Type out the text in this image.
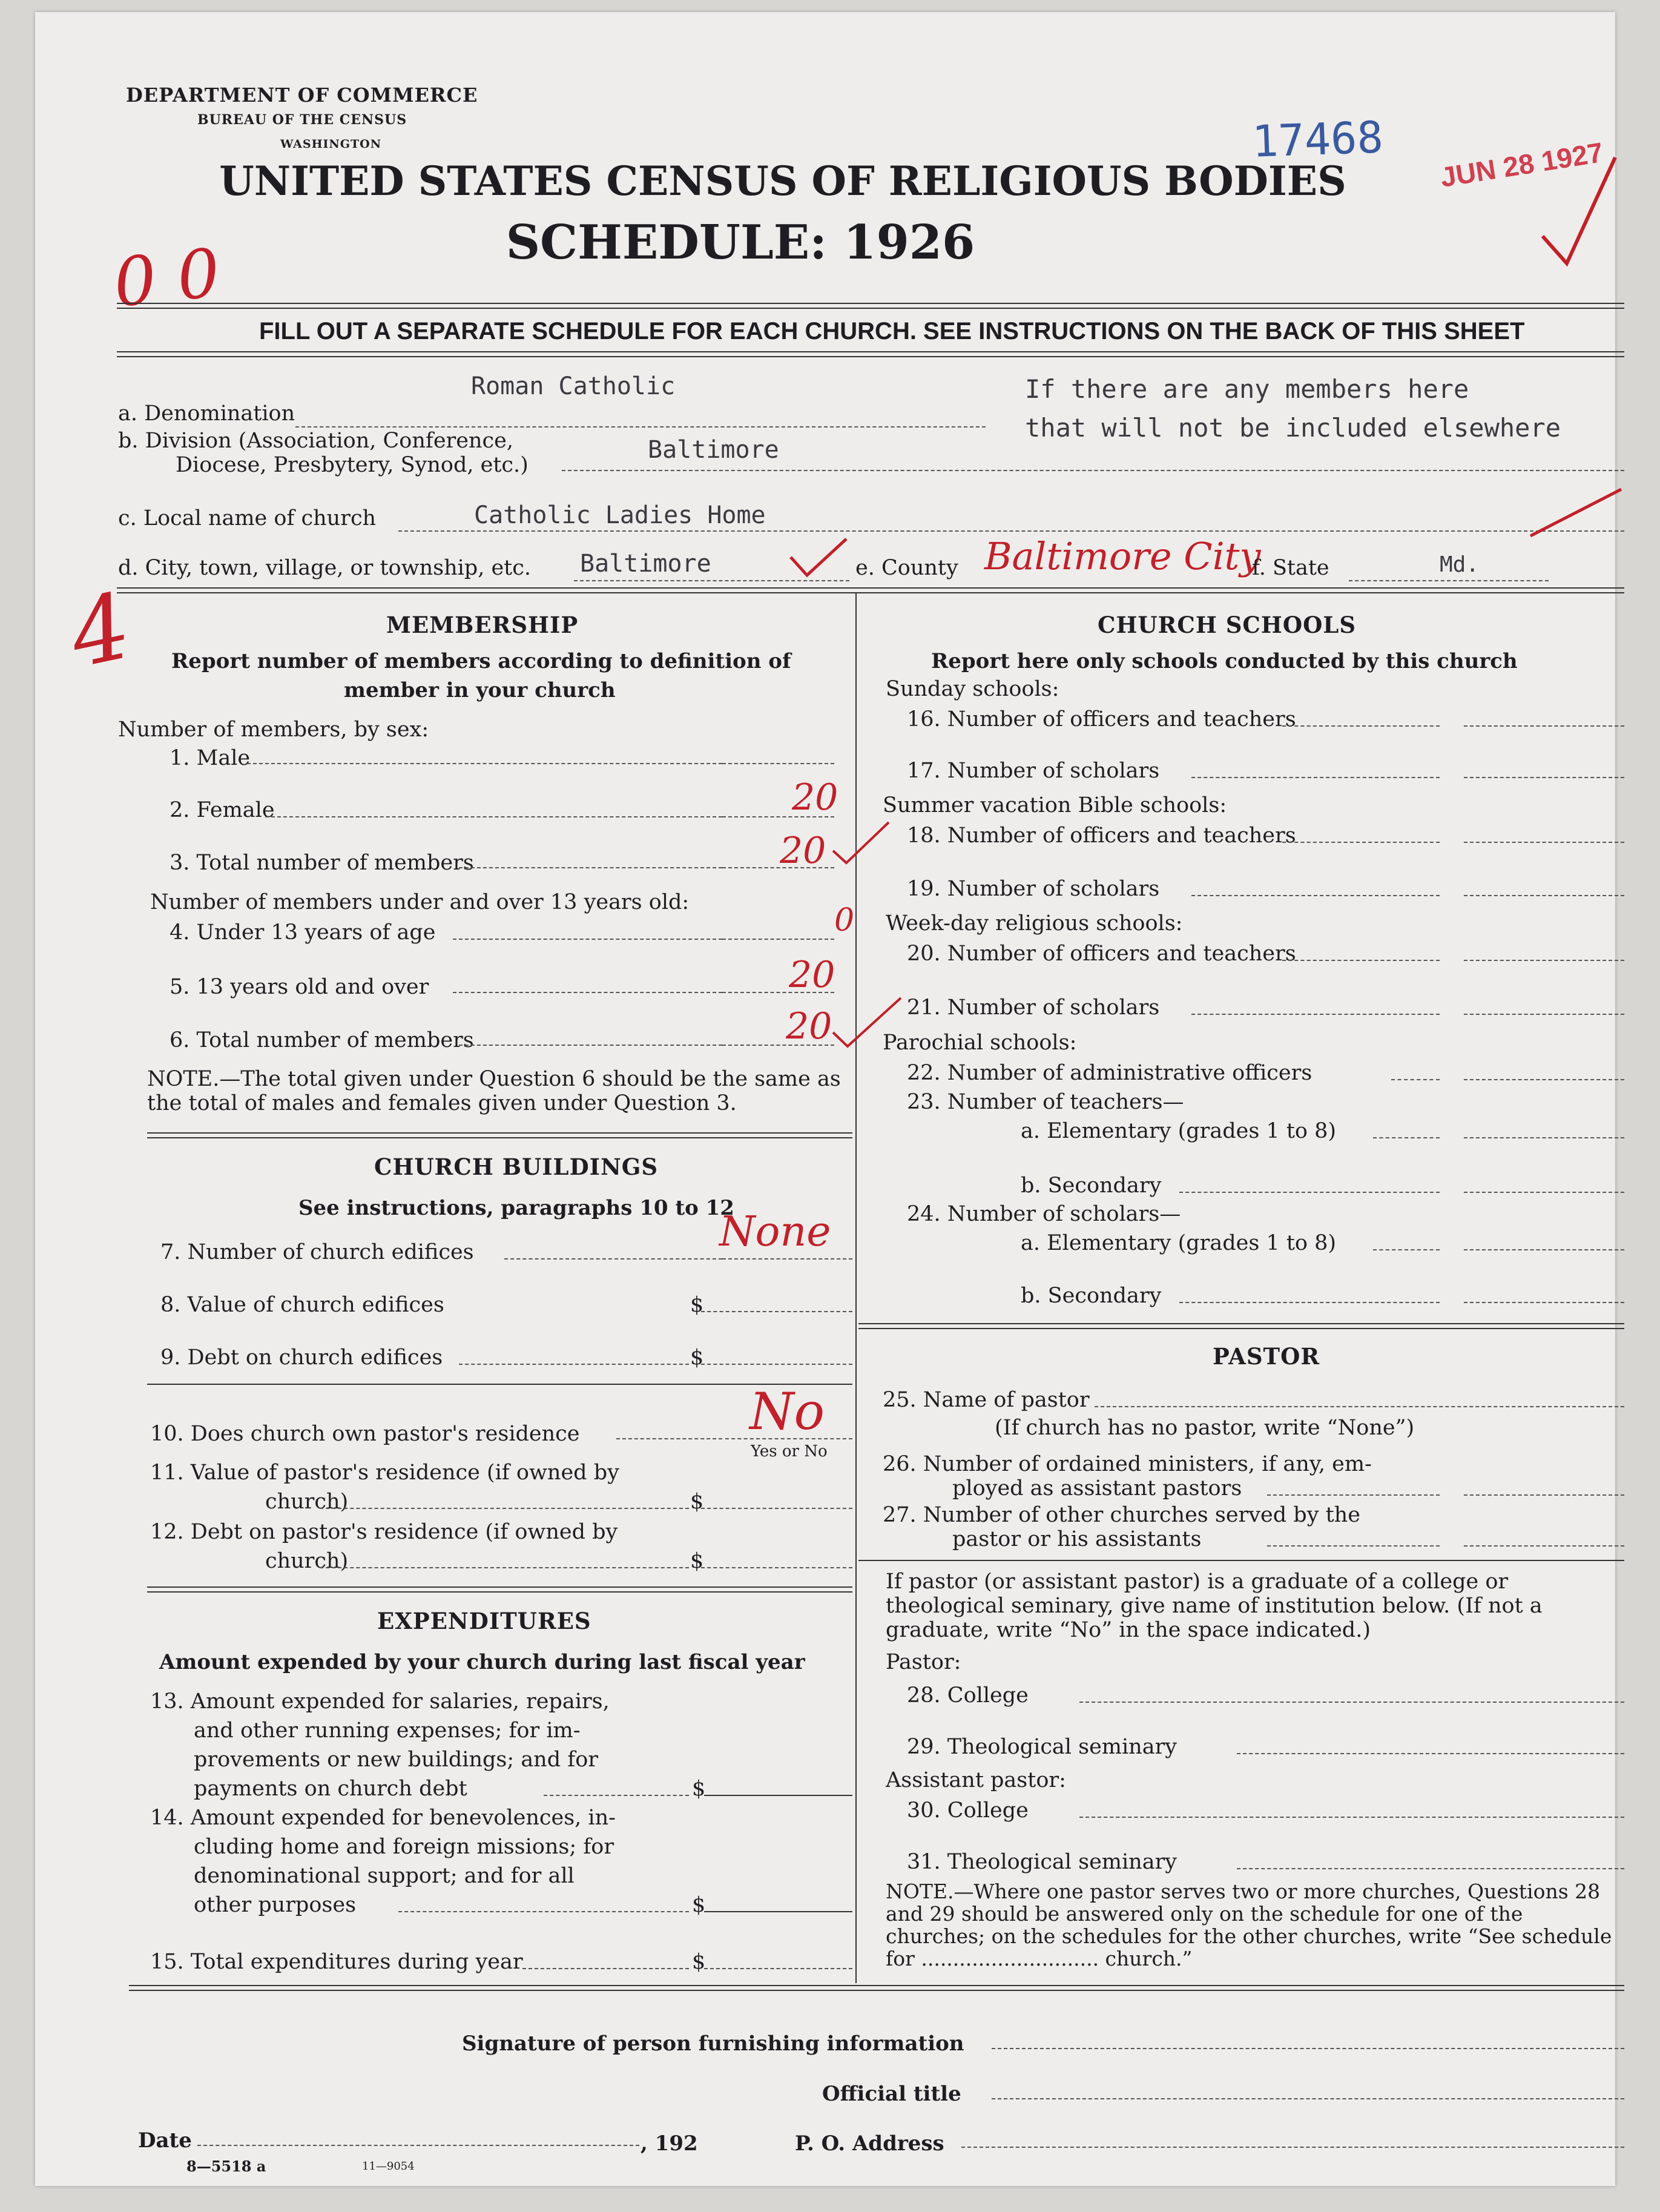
DEPARTMENT OF COMMERCE
BUREAU OF THE CENSUS
WASHINGTON
UNITED STATES CENSUS OF RELIGIOUS BODIES
SCHEDULE: 1926
17468 JUN 28 1927
0 0
FILL OUT A SEPARATE SCHEDULE FOR EACH CHURCH. SEE INSTRUCTIONS ON THE BACK OF THIS SHEET
Roman Catholic
a. Denomination
If there are any members here
that will not be included elsewhere
b. Division (Association, Conference,
Diocese, Presbytery, Synod, etc.)
Baltimore
Catholic Ladies Home
c. Local name of church
d. City, town, village, or township, etc. Baltimore	e. County Baltimore City
f. State	Md.
4	MEMBERSHIP
Report number of members according to definition of
member in your church
Number of members, by sex:
1. Male
2. Female	20
3. Total number of members	20
Number of members under and over 13 years old:
4. Under 13 years of age	0
5. 13 years old and over	20
6. Total number of members	20
NOTE.—The total given under Question 6 should be the same as the total of males and females given under Question 3.
CHURCH BUILDINGS
See instructions, paragraphs 10 to 12
7. Number of church edifices	None
8. Value of church edifices	$
9. Debt on church edifices	$
10. Does church own pastor's residence	No
Yes or No
11. Value of pastor's residence (if owned by
church)	$
12. Debt on pastor's residence (if owned by
church)	$
EXPENDITURES
Amount expended by your church during last fiscal year
13. Amount expended for salaries, repairs,
and other running expenses; for im-
provements or new buildings; and for
payments on church debt	$
14. Amount expended for benevolences, in-
cluding home and foreign missions; for
denominational support; and for all
other purposes	$
15. Total expenditures during year	$
CHURCH SCHOOLS
Report here only schools conducted by this church
Sunday schools:
16. Number of officers and teachers
17. Number of scholars
Summer vacation Bible schools:
18. Number of officers and teachers
19. Number of scholars
Week-day religious schools:
20. Number of officers and teachers
21. Number of scholars
Parochial schools:
22. Number of administrative officers
23. Number of teachers—
a. Elementary (grades 1 to 8)
b. Secondary
24. Number of scholars—
a. Elementary (grades 1 to 8)
b. Secondary
PASTOR
25. Name of pastor
(If church has no pastor, write “None”)
26. Number of ordained ministers, if any, em-
ployed as assistant pastors
27. Number of other churches served by the
pastor or his assistants
If pastor (or assistant pastor) is a graduate of a college or theological seminary, give name of institution below. (If not a graduate, write “No” in the space indicated.)
Pastor:
28. College
29. Theological seminary
Assistant pastor:
30. College
31. Theological seminary
NOTE.—Where one pastor serves two or more churches, Questions 28 and 29 should be answered only on the schedule for one of the churches; on the schedules for the other churches, write “See schedule for ............................ church.”
Signature of person furnishing information
Official title
Date	, 192	P. O. Address
8—5518 a	11—9054
